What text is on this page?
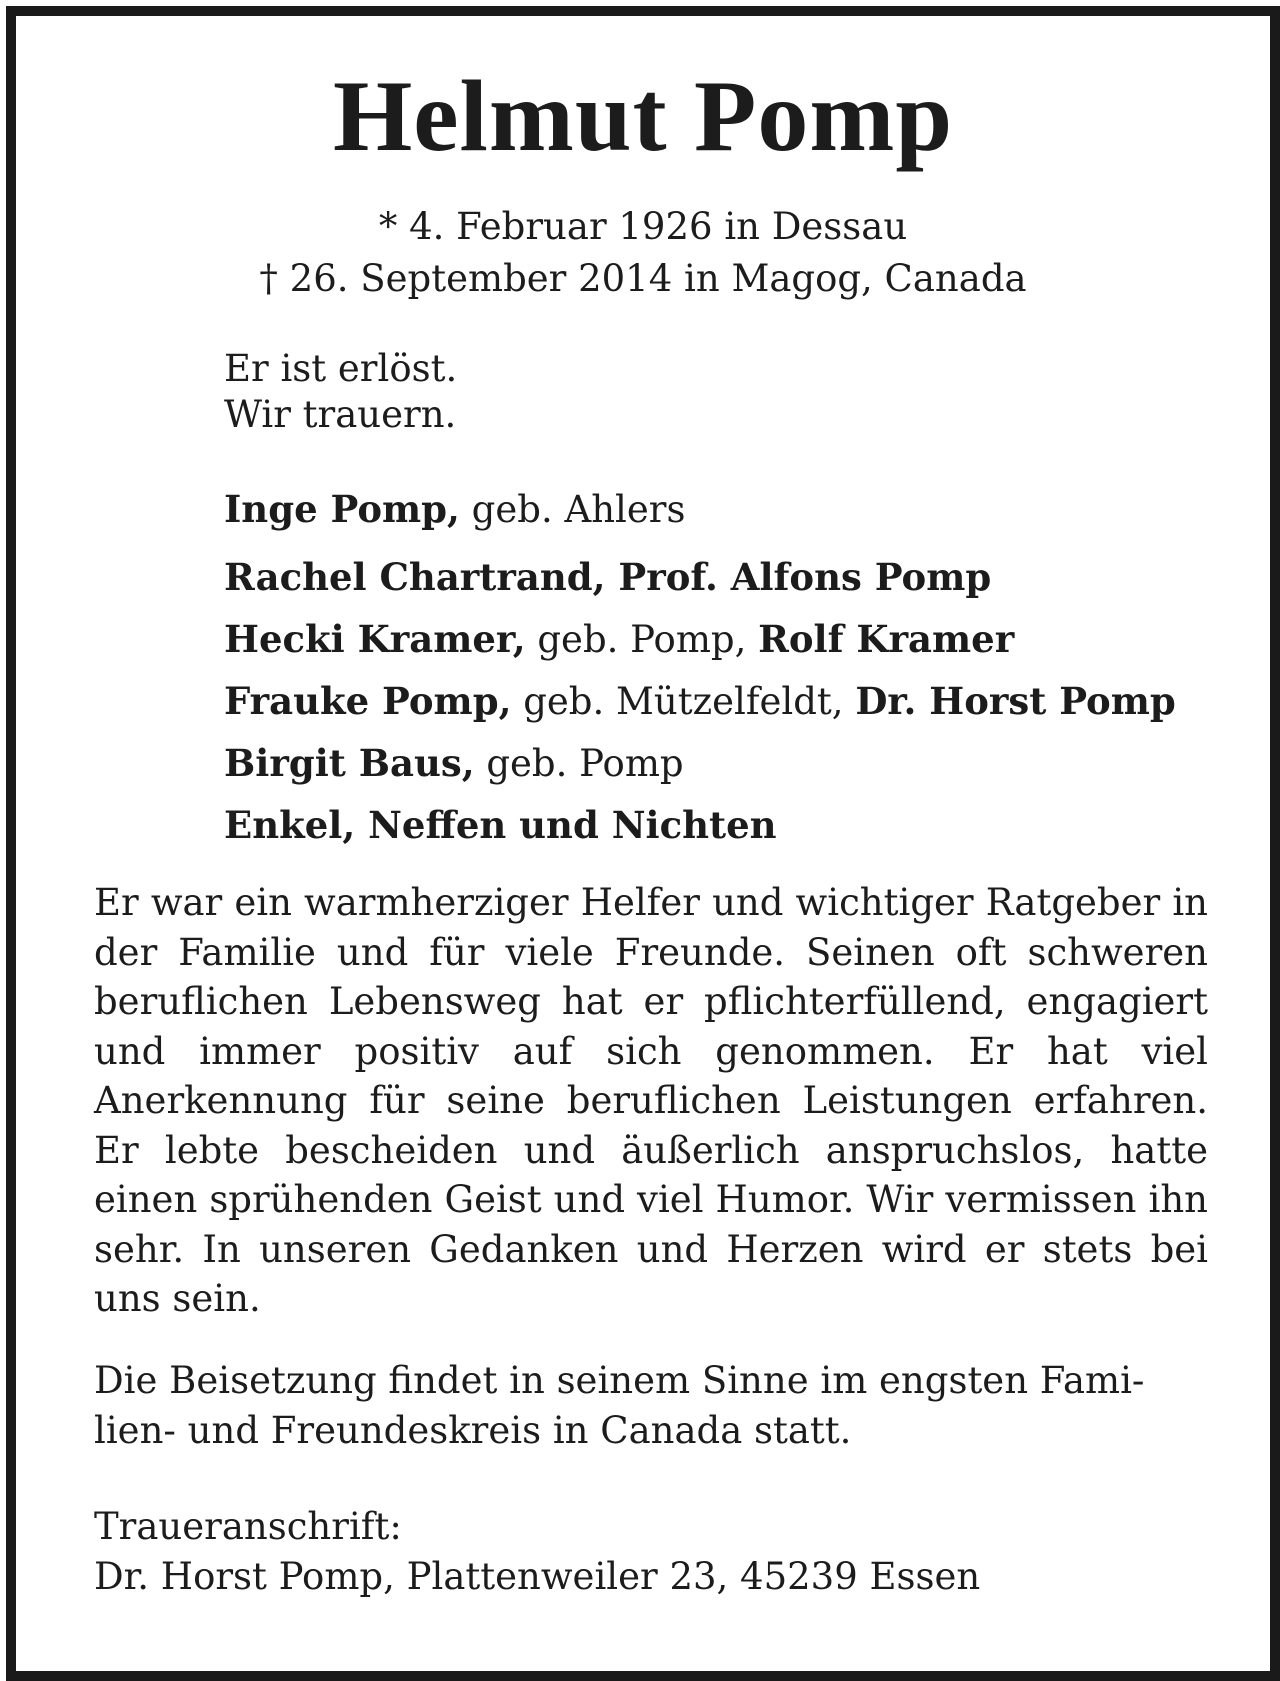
Helmut Pomp
* 4. Februar 1926 in Dessau
† 26. September 2014 in Magog, Canada
Er ist erlöst.
Wir trauern.
Inge Pomp, geb. Ahlers
Rachel Chartrand, Prof. Alfons Pomp
Hecki Kramer, geb. Pomp, Rolf Kramer
Frauke Pomp, geb. Mützelfeldt, Dr. Horst Pomp
Birgit Baus, geb. Pomp
Enkel, Neffen und Nichten
Er war ein warmherziger Helfer und wichtiger Ratgeber in der Familie und für viele Freunde. Seinen oft schweren beruflichen Lebensweg hat er pflichterfüllend, engagiert und immer positiv auf sich genommen. Er hat viel Anerkennung für seine beruflichen Leistungen erfahren. Er lebte bescheiden und äußerlich anspruchslos, hatte einen sprühenden Geist und viel Humor. Wir vermissen ihn sehr. In unseren Gedanken und Herzen wird er stets bei uns sein.
Die Beisetzung findet in seinem Sinne im engsten Fami-
lien- und Freundeskreis in Canada statt.
Traueranschrift:
Dr. Horst Pomp, Plattenweiler 23, 45239 Essen
